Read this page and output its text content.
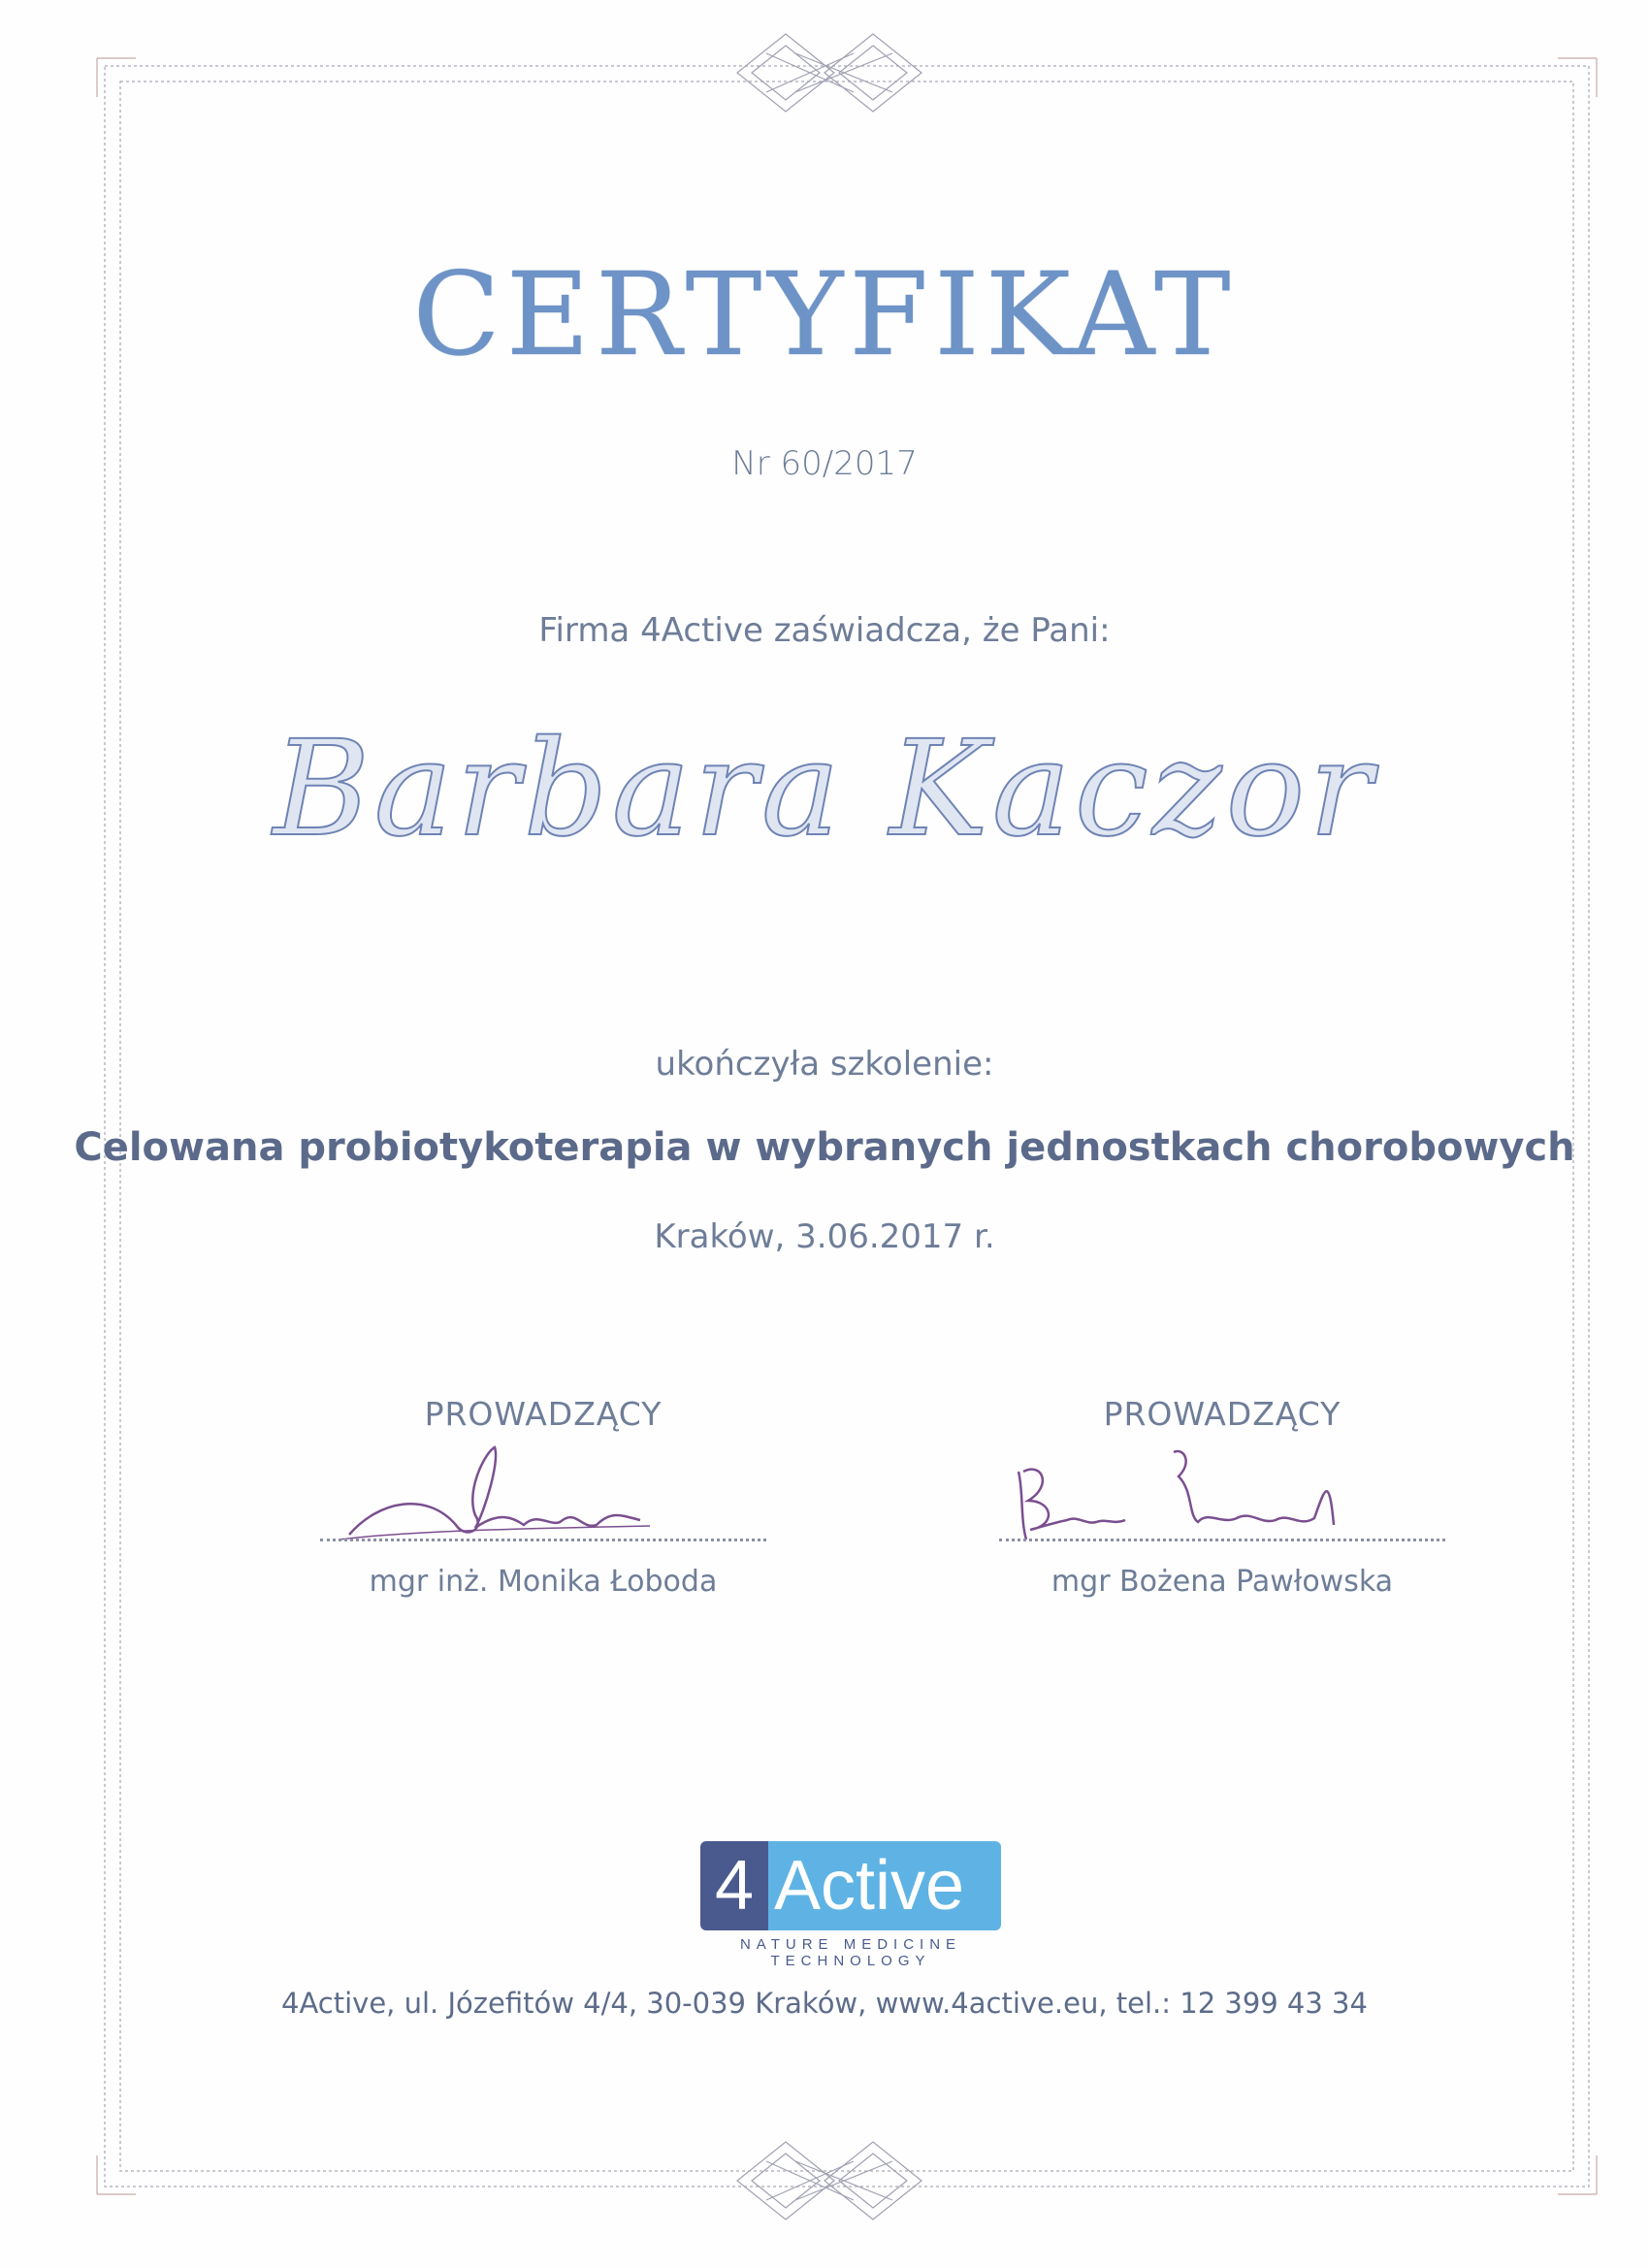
CERTYFIKAT
Nr 60/2017
Firma 4Active zaświadcza, że Pani:
Barbara Kaczor
ukończyła szkolenie:
Celowana probiotykoterapia w wybranych jednostkach chorobowych
Kraków, 3.06.2017 r.
PROWADZĄCY
mgr inż. Monika Łoboda
PROWADZĄCY
mgr Bożena Pawłowska
4 Active
NATURE MEDICINE TECHNOLOGY
4Active, ul. Józefitów 4/4, 30-039 Kraków, www.4active.eu, tel.: 12 399 43 34
